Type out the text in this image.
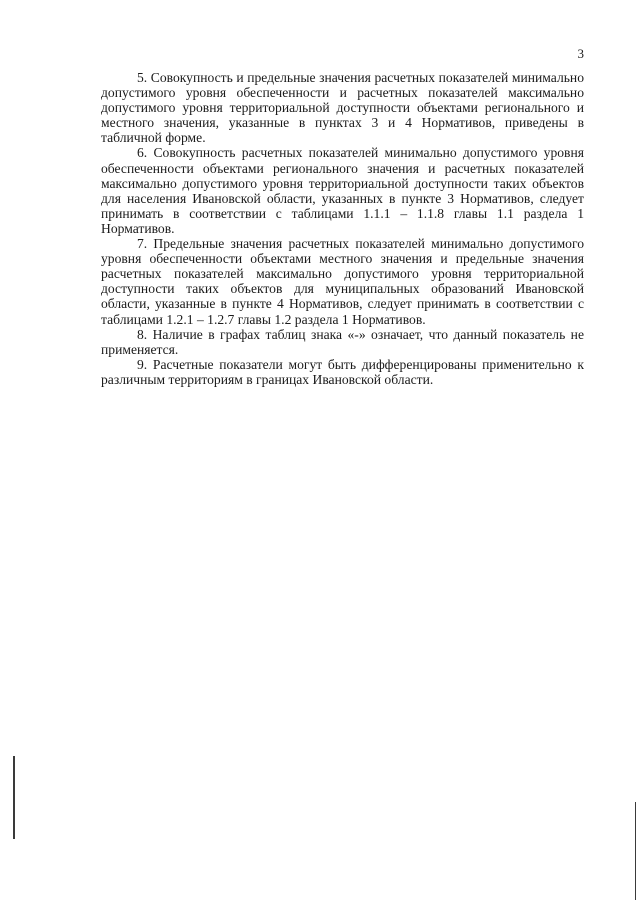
3

5. Совокупность и предельные значения расчетных показателей минимально допустимого уровня обеспеченности и расчетных показателей максимально допустимого уровня территориальной доступности объектами регионального и местного значения, указанные в пунктах 3 и 4 Нормативов, приведены в табличной форме.

6. Совокупность расчетных показателей минимально допустимого уровня обеспеченности объектами регионального значения и расчетных показателей максимально допустимого уровня территориальной доступности таких объектов для населения Ивановской области, указанных в пункте 3 Нормативов, следует принимать в соответствии с таблицами 1.1.1 – 1.1.8 главы 1.1 раздела 1 Нормативов.

7. Предельные значения расчетных показателей минимально допустимого уровня обеспеченности объектами местного значения и предельные значения расчетных показателей максимально допустимого уровня территориальной доступности таких объектов для муниципальных образований Ивановской области, указанные в пункте 4 Нормативов, следует принимать в соответствии с таблицами 1.2.1 – 1.2.7 главы 1.2 раздела 1 Нормативов.

8. Наличие в графах таблиц знака «-» означает, что данный показатель не применяется.

9. Расчетные показатели могут быть дифференцированы применительно к различным территориям в границах Ивановской области.
